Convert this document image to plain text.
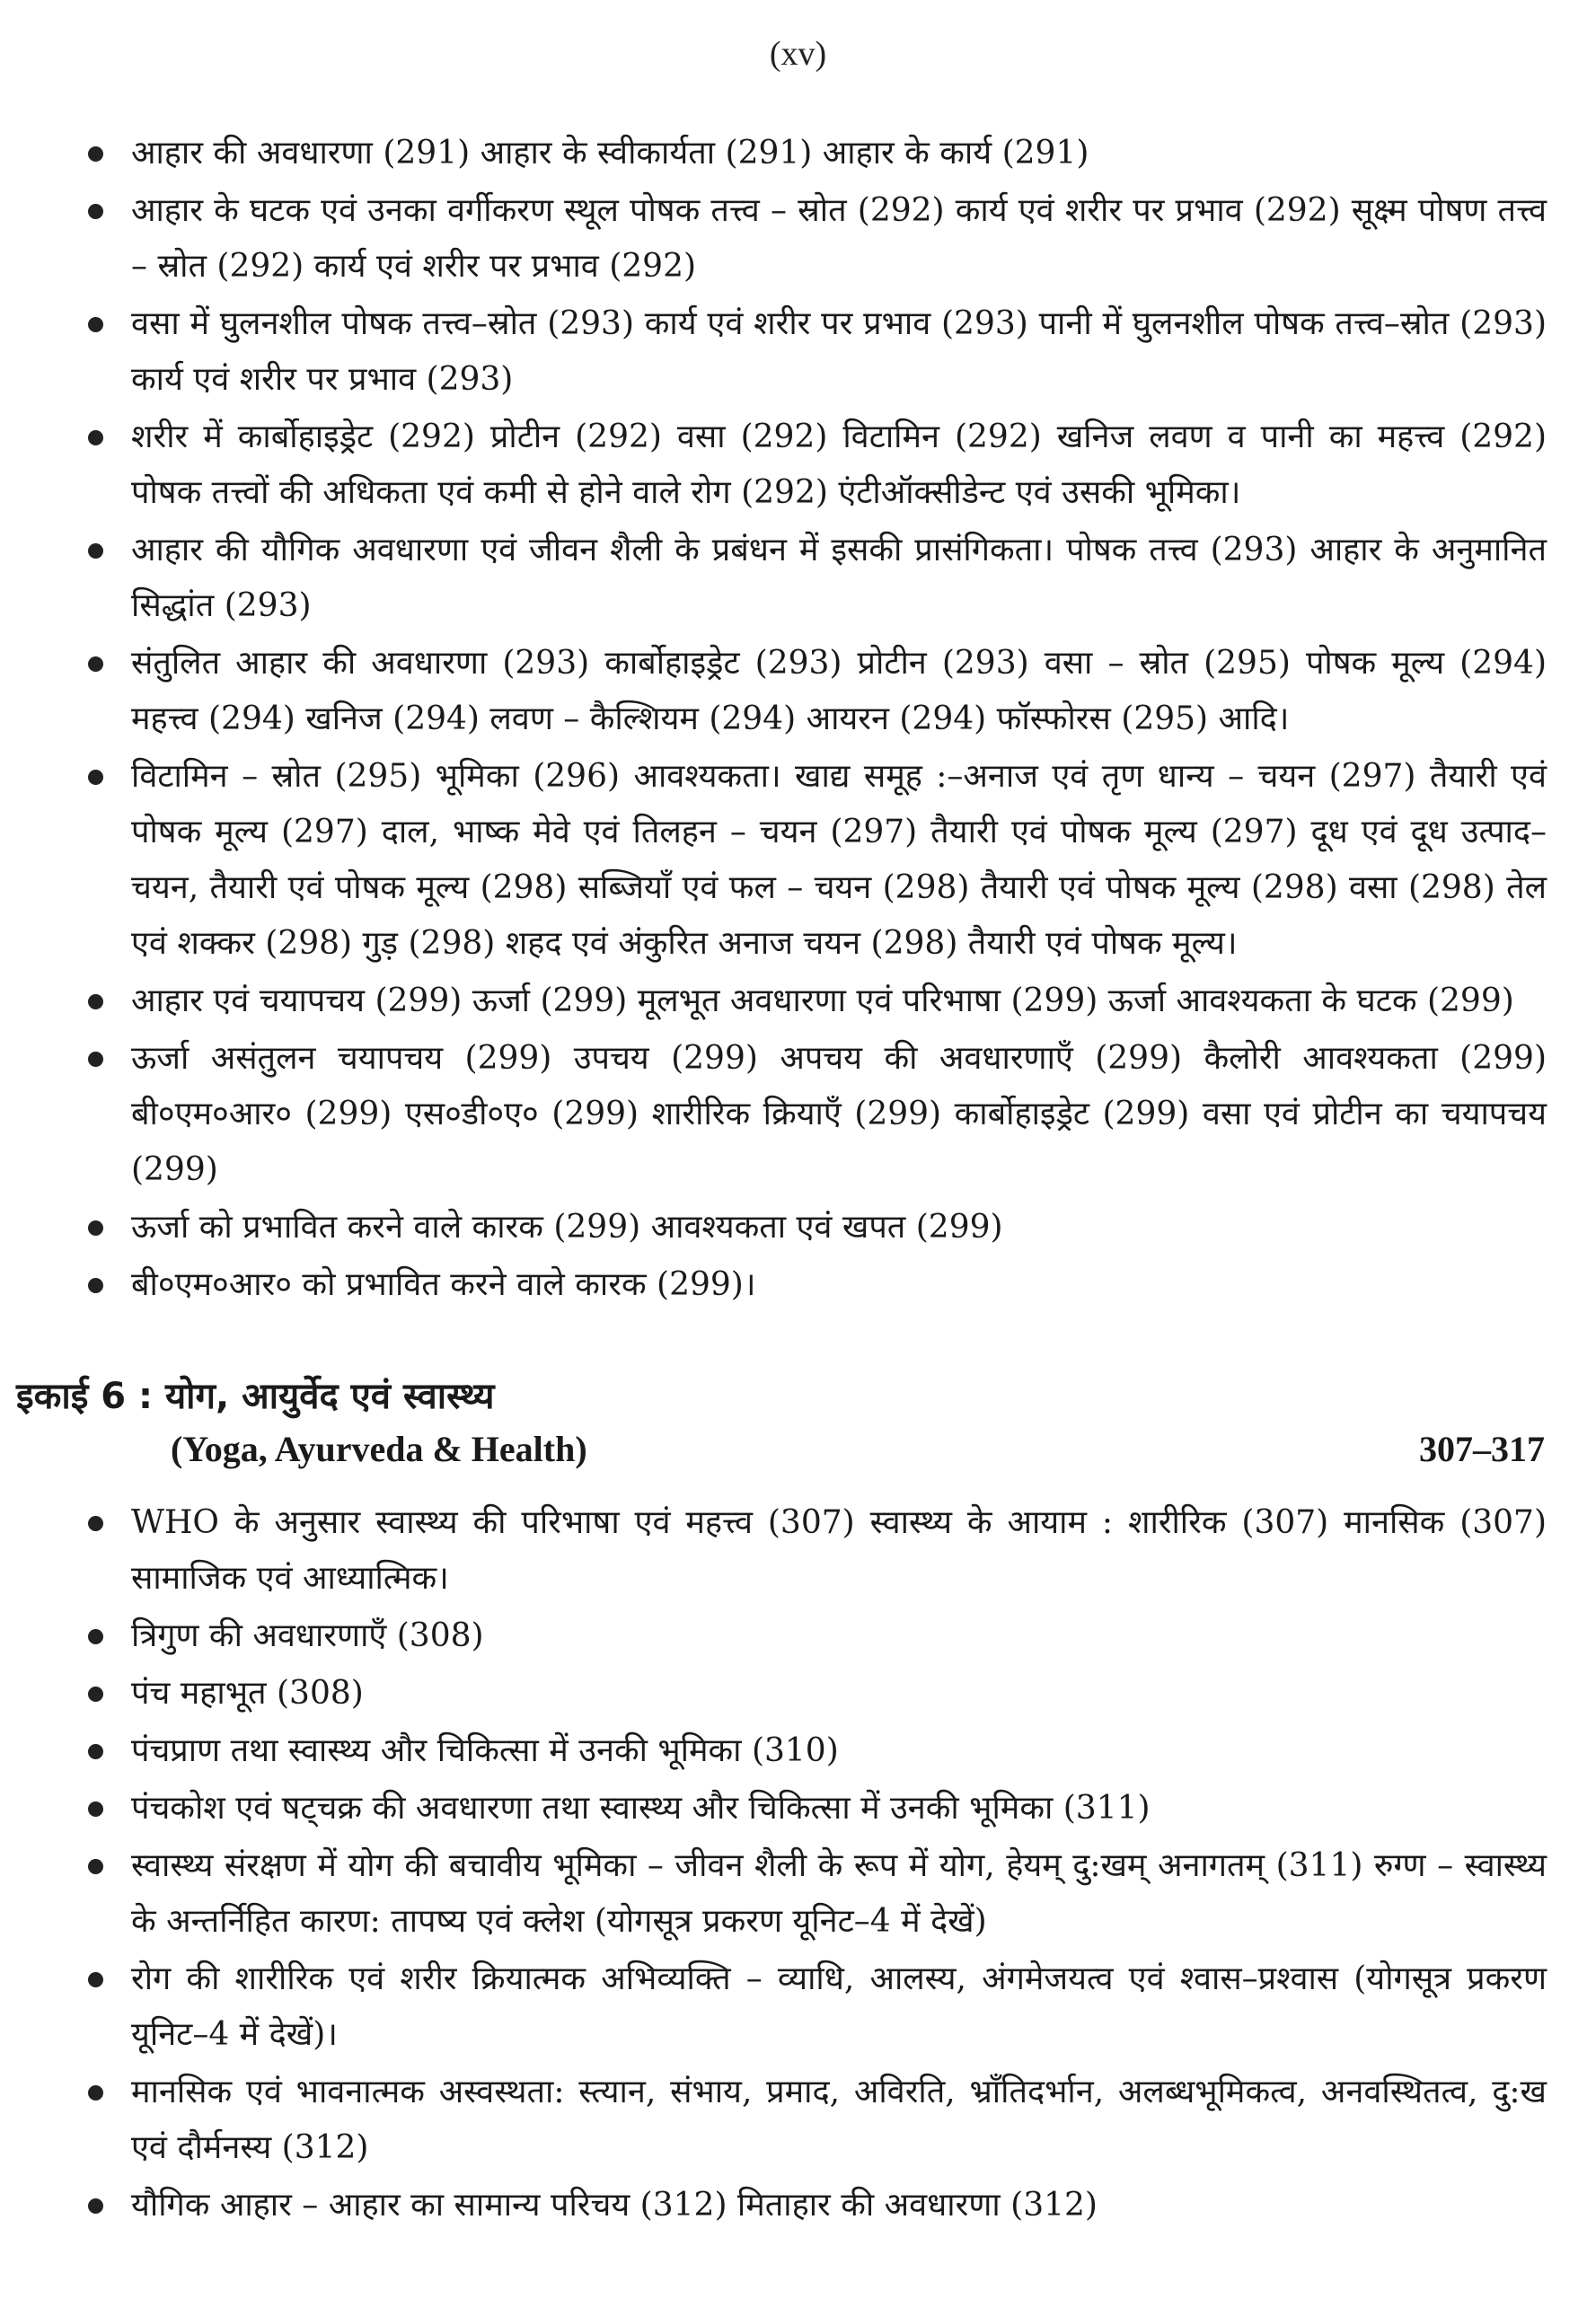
(xv)
आहार की अवधारणा (291) आहार के स्वीकार्यता (291) आहार के कार्य (291)
आहार के घटक एवं उनका वर्गीकरण स्थूल पोषक तत्त्व – स्रोत (292) कार्य एवं शरीर पर प्रभाव (292) सूक्ष्म पोषण तत्त्व – स्रोत (292) कार्य एवं शरीर पर प्रभाव (292)
वसा में घुलनशील पोषक तत्त्व–स्रोत (293) कार्य एवं शरीर पर प्रभाव (293) पानी में घुलनशील पोषक तत्त्व–स्रोत (293) कार्य एवं शरीर पर प्रभाव (293)
शरीर में कार्बोहाइड्रेट (292) प्रोटीन (292) वसा (292) विटामिन (292) खनिज लवण व पानी का महत्त्व (292) पोषक तत्त्वों की अधिकता एवं कमी से होने वाले रोग (292) एंटीऑक्सीडेन्ट एवं उसकी भूमिका।
आहार की यौगिक अवधारणा एवं जीवन शैली के प्रबंधन में इसकी प्रासंगिकता। पोषक तत्त्व (293) आहार के अनुमानित सिद्धांत (293)
संतुलित आहार की अवधारणा (293) कार्बोहाइड्रेट (293) प्रोटीन (293) वसा – स्रोत (295) पोषक मूल्य (294) महत्त्व (294) खनिज (294) लवण – कैल्शियम (294) आयरन (294) फॉस्फोरस (295) आदि।
विटामिन – स्रोत (295) भूमिका (296) आवश्यकता। खाद्य समूह :–अनाज एवं तृण धान्य – चयन (297) तैयारी एवं पोषक मूल्य (297) दाल, भाष्क मेवे एवं तिलहन – चयन (297) तैयारी एवं पोषक मूल्य (297) दूध एवं दूध उत्पाद–चयन, तैयारी एवं पोषक मूल्य (298) सब्जियाँ एवं फल – चयन (298) तैयारी एवं पोषक मूल्य (298) वसा (298) तेल एवं शक्कर (298) गुड़ (298) शहद एवं अंकुरित अनाज चयन (298) तैयारी एवं पोषक मूल्य।
आहार एवं चयापचय (299) ऊर्जा (299) मूलभूत अवधारणा एवं परिभाषा (299) ऊर्जा आवश्यकता के घटक (299)
ऊर्जा असंतुलन चयापचय (299) उपचय (299) अपचय की अवधारणाएँ (299) कैलोरी आवश्यकता (299) बी०एम०आर० (299) एस०डी०ए० (299) शारीरिक क्रियाएँ (299) कार्बोहाइड्रेट (299) वसा एवं प्रोटीन का चयापचय (299)
ऊर्जा को प्रभावित करने वाले कारक (299) आवश्यकता एवं खपत (299)
बी०एम०आर० को प्रभावित करने वाले कारक (299)।
इकाई 6 : योग, आयुर्वेद एवं स्वास्थ्य
(Yoga, Ayurveda & Health)	307–317
WHO के अनुसार स्वास्थ्य की परिभाषा एवं महत्त्व (307) स्वास्थ्य के आयाम : शारीरिक (307) मानसिक (307) सामाजिक एवं आध्यात्मिक।
त्रिगुण की अवधारणाएँ (308)
पंच महाभूत (308)
पंचप्राण तथा स्वास्थ्य और चिकित्सा में उनकी भूमिका (310)
पंचकोश एवं षट्चक्र की अवधारणा तथा स्वास्थ्य और चिकित्सा में उनकी भूमिका (311)
स्वास्थ्य संरक्षण में योग की बचावीय भूमिका – जीवन शैली के रूप में योग, हेयम् दु:खम् अनागतम् (311) रुग्ण – स्वास्थ्य के अन्तर्निहित कारण: तापष्य एवं क्लेश (योगसूत्र प्रकरण यूनिट–4 में देखें)
रोग की शारीरिक एवं शरीर क्रियात्मक अभिव्यक्ति – व्याधि, आलस्य, अंगमेजयत्व एवं श्वास–प्रश्वास (योगसूत्र प्रकरण यूनिट–4 में देखें)।
मानसिक एवं भावनात्मक अस्वस्थता: स्त्यान, संभाय, प्रमाद, अविरति, भ्राँतिदर्भान, अलब्धभूमिकत्व, अनवस्थितत्व, दु:ख एवं दौर्मनस्य (312)
यौगिक आहार – आहार का सामान्य परिचय (312) मिताहार की अवधारणा (312)
